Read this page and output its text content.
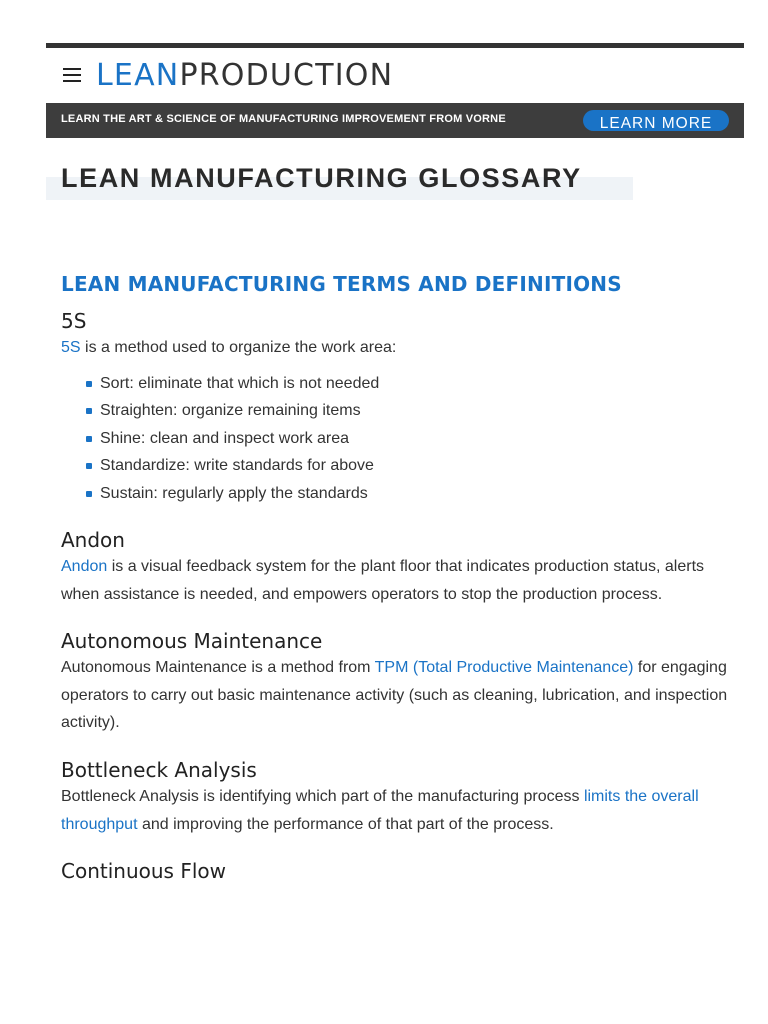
LEANPRODUCTION
LEARN THE ART & SCIENCE OF MANUFACTURING IMPROVEMENT FROM VORNE	LEARN MORE
LEAN MANUFACTURING GLOSSARY
LEAN MANUFACTURING TERMS AND DEFINITIONS
5S

5S is a method used to organize the work area:

Sort: eliminate that which is not needed
Straighten: organize remaining items
Shine: clean and inspect work area
Standardize: write standards for above
Sustain: regularly apply the standards
Andon

Andon is a visual feedback system for the plant floor that indicates production status, alerts when assistance is needed, and empowers operators to stop the production process.

Autonomous Maintenance

Autonomous Maintenance is a method from TPM (Total Productive Maintenance) for engaging operators to carry out basic maintenance activity (such as cleaning, lubrication, and inspection activity).

Bottleneck Analysis

Bottleneck Analysis is identifying which part of the manufacturing process limits the overall throughput and improving the performance of that part of the process.

Continuous Flow
